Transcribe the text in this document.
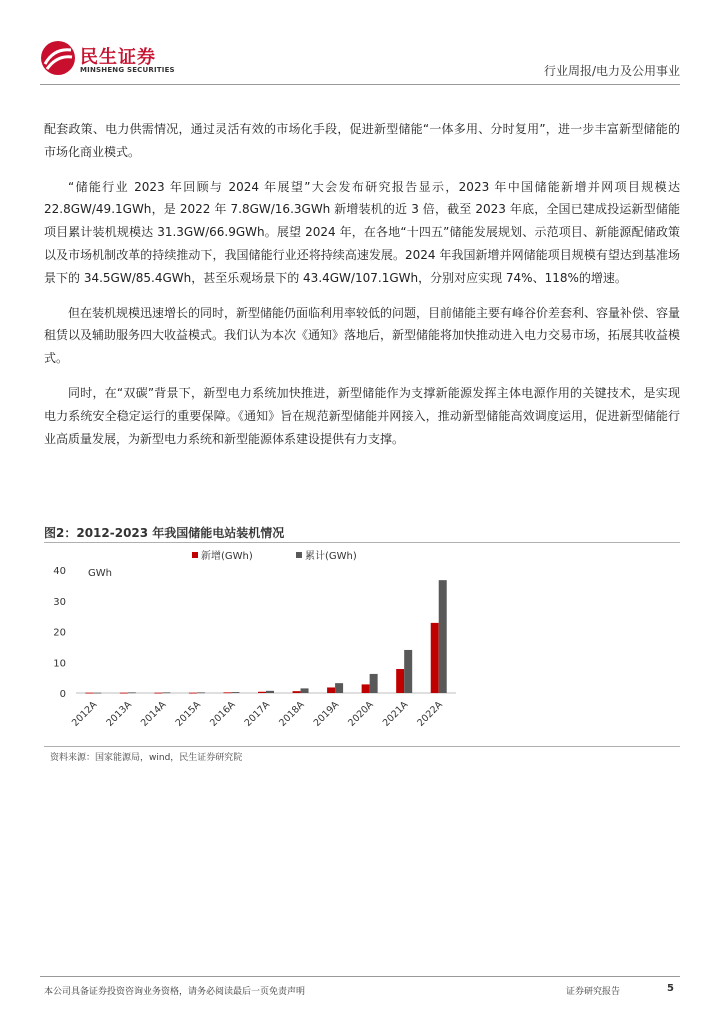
民生证券
MINSHENG SECURITIES	行业周报/电力及公用事业

配套政策、电力供需情况，通过灵活有效的市场化手段，促进新型储能“一体多用、分时复用”，进一步丰富新型储能的市场化商业模式。

“储能行业 2023 年回顾与 2024 年展望”大会发布研究报告显示，2023 年中国储能新增并网项目规模达 22.8GW/49.1GWh，是 2022 年 7.8GW/16.3GWh 新增装机的近 3 倍，截至 2023 年底，全国已建成投运新型储能项目累计装机规模达 31.3GW/66.9GWh。展望 2024 年，在各地“十四五”储能发展规划、示范项目、新能源配储政策以及市场机制改革的持续推动下，我国储能行业还将持续高速发展。2024 年我国新增并网储能项目规模有望达到基准场景下的 34.5GW/85.4GWh，甚至乐观场景下的 43.4GW/107.1GWh，分别对应实现 74%、118%的增速。

但在装机规模迅速增长的同时，新型储能仍面临利用率较低的问题，目前储能主要有峰谷价差套利、容量补偿、容量租赁以及辅助服务四大收益模式。我们认为本次《通知》落地后，新型储能将加快推动进入电力交易市场，拓展其收益模式。

同时，在“双碳”背景下，新型电力系统加快推进，新型储能作为支撑新能源发挥主体电源作用的关键技术，是实现电力系统安全稳定运行的重要保障。《通知》旨在规范新型储能并网接入，推动新型储能高效调度运用，促进新型储能行业高质量发展，为新型电力系统和新型能源体系建设提供有力支撑。

图2：2012-2023 年我国储能电站装机情况
0
10
20
30
40 GWh
2012A 2013A 2014A 2015A 2016A 2017A 2018A 2019A 2020A 2021A 2022A
新增(GWh)	累计(GWh)
资料来源：国家能源局，wind，民生证券研究院
本公司具备证券投资咨询业务资格，请务必阅读最后一页免责声明	证券研究报告	5
